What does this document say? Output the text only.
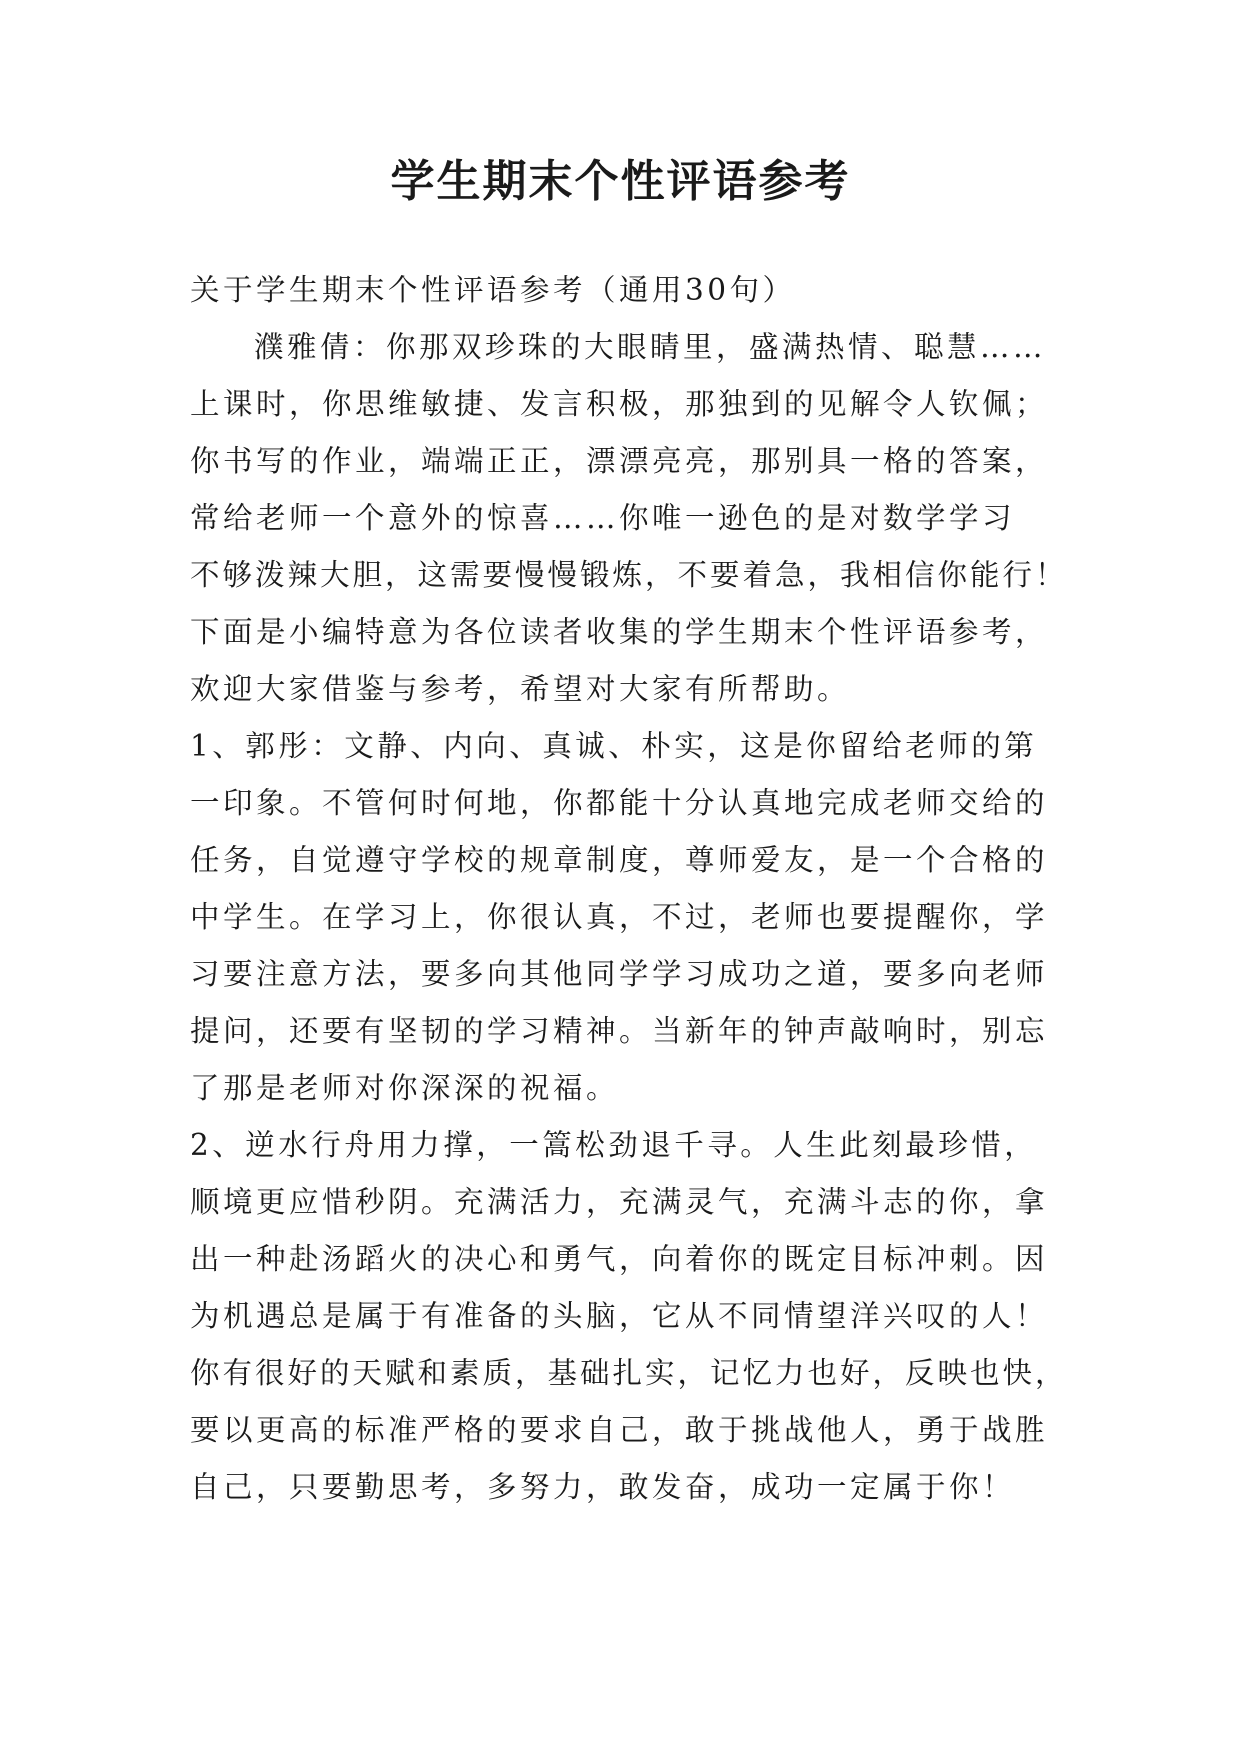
学生期末个性评语参考
关于学生期末个性评语参考（通用30句）
濮雅倩：你那双珍珠的大眼睛里，盛满热情、聪慧……
上课时，你思维敏捷、发言积极，那独到的见解令人钦佩；
你书写的作业，端端正正，漂漂亮亮，那别具一格的答案，
常给老师一个意外的惊喜……你唯一逊色的是对数学学习
不够泼辣大胆，这需要慢慢锻炼，不要着急，我相信你能行！
下面是小编特意为各位读者收集的学生期末个性评语参考，
欢迎大家借鉴与参考，希望对大家有所帮助。
1、郭彤：文静、内向、真诚、朴实，这是你留给老师的第
一印象。不管何时何地，你都能十分认真地完成老师交给的
任务，自觉遵守学校的规章制度，尊师爱友，是一个合格的
中学生。在学习上，你很认真，不过，老师也要提醒你，学
习要注意方法，要多向其他同学学习成功之道，要多向老师
提问，还要有坚韧的学习精神。当新年的钟声敲响时，别忘
了那是老师对你深深的祝福。
2、逆水行舟用力撑，一篙松劲退千寻。人生此刻最珍惜，
顺境更应惜秒阴。充满活力，充满灵气，充满斗志的你，拿
出一种赴汤蹈火的决心和勇气，向着你的既定目标冲刺。因
为机遇总是属于有准备的头脑，它从不同情望洋兴叹的人！
你有很好的天赋和素质，基础扎实，记忆力也好，反映也快，
要以更高的标准严格的要求自己，敢于挑战他人，勇于战胜
自己，只要勤思考，多努力，敢发奋，成功一定属于你！
